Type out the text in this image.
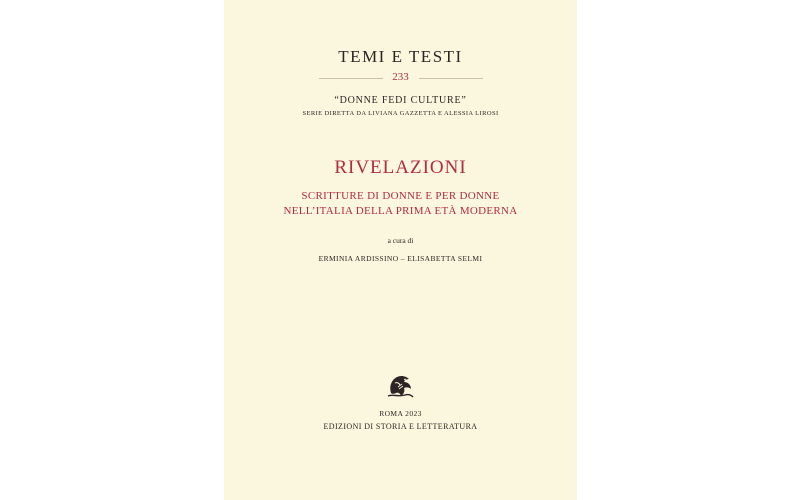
TEMI E TESTI
233
“DONNE FEDI CULTURE”
SERIE DIRETTA DA LIVIANA GAZZETTA E ALESSIA LIROSI
RIVELAZIONI
SCRITTURE DI DONNE E PER DONNE
NELL’ITALIA DELLA PRIMA ETÀ MODERNA
a cura di
ERMINIA ARDISSINO – ELISABETTA SELMI
ROMA 2023
EDIZIONI DI STORIA E LETTERATURA
